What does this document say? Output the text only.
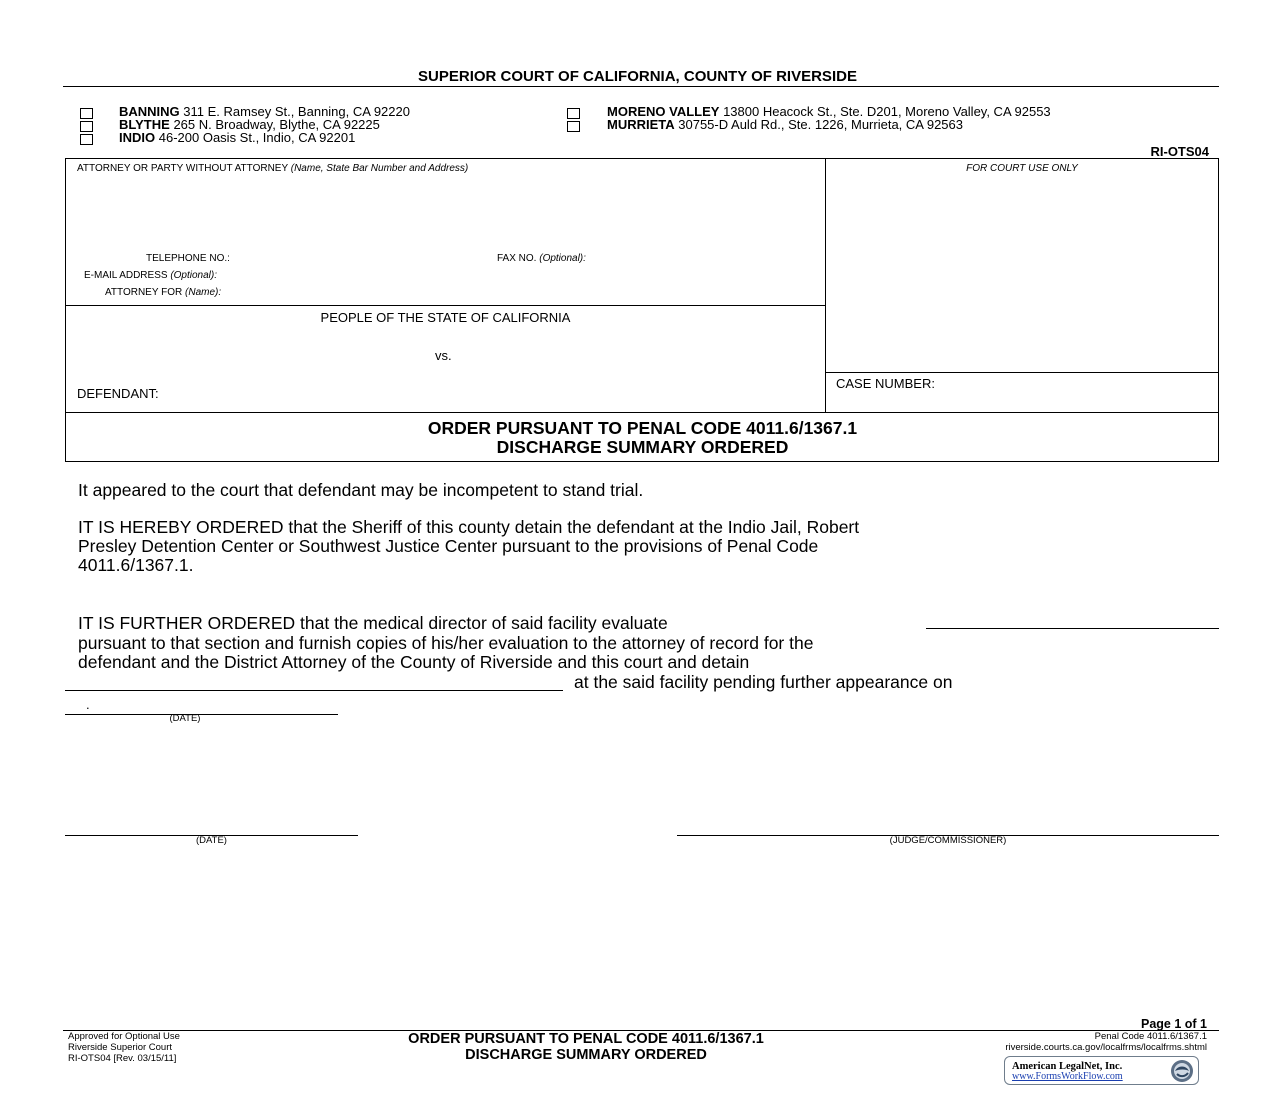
SUPERIOR COURT OF CALIFORNIA, COUNTY OF RIVERSIDE
BANNING 311 E. Ramsey St., Banning, CA 92220
BLYTHE 265 N. Broadway, Blythe, CA 92225
INDIO 46-200 Oasis St., Indio, CA 92201
MORENO VALLEY 13800 Heacock St., Ste. D201, Moreno Valley, CA 92553
MURRIETA 30755-D Auld Rd., Ste. 1226, Murrieta, CA 92563
RI-OTS04
ATTORNEY OR PARTY WITHOUT ATTORNEY (Name, State Bar Number and Address)
TELEPHONE NO.:	FAX NO. (Optional):
E-MAIL ADDRESS (Optional):
ATTORNEY FOR (Name):
FOR COURT USE ONLY
PEOPLE OF THE STATE OF CALIFORNIA
vs.
DEFENDANT:
CASE NUMBER:
ORDER PURSUANT TO PENAL CODE 4011.6/1367.1
DISCHARGE SUMMARY ORDERED
It appeared to the court that defendant may be incompetent to stand trial.
IT IS HEREBY ORDERED that the Sheriff of this county detain the defendant at the Indio Jail, Robert
Presley Detention Center or Southwest Justice Center pursuant to the provisions of Penal Code
4011.6/1367.1.
IT IS FURTHER ORDERED that the medical director of said facility evaluate
pursuant to that section and furnish copies of his/her evaluation to the attorney of record for the
defendant and the District Attorney of the County of Riverside and this court and detain
at the said facility pending further appearance on
.
(DATE)
(DATE)	(JUDGE/COMMISSIONER)
Page 1 of 1
Approved for Optional Use
Riverside Superior Court
RI-OTS04 [Rev. 03/15/11]
ORDER PURSUANT TO PENAL CODE 4011.6/1367.1
DISCHARGE SUMMARY ORDERED
Penal Code 4011.6/1367.1
riverside.courts.ca.gov/localfrms/localfrms.shtml
American LegalNet, Inc.
www.FormsWorkFlow.com
